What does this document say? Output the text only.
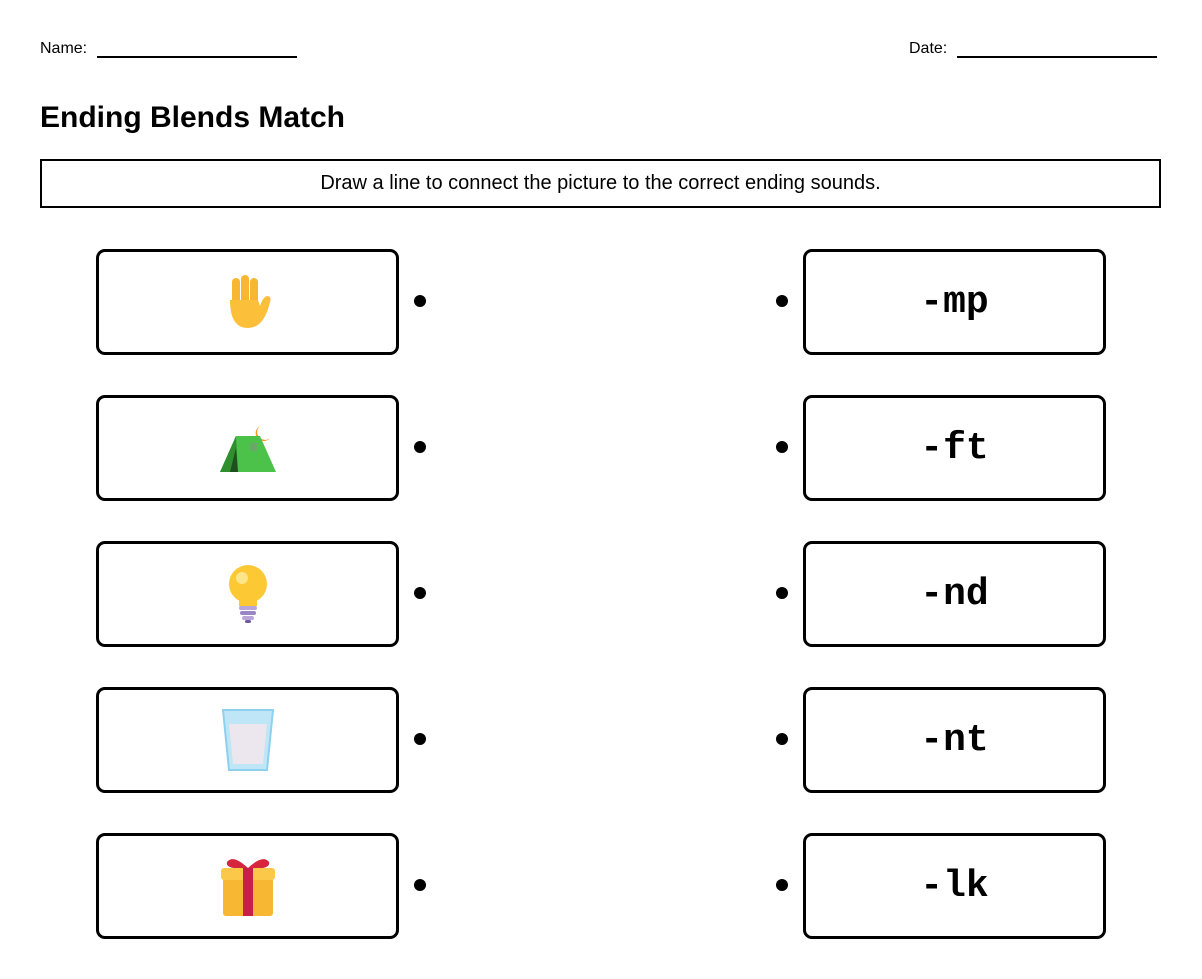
Name:	Date:
Ending Blends Match
Draw a line to connect the picture to the correct ending sounds.
-mp
-ft
-nd
-nt
-lk
